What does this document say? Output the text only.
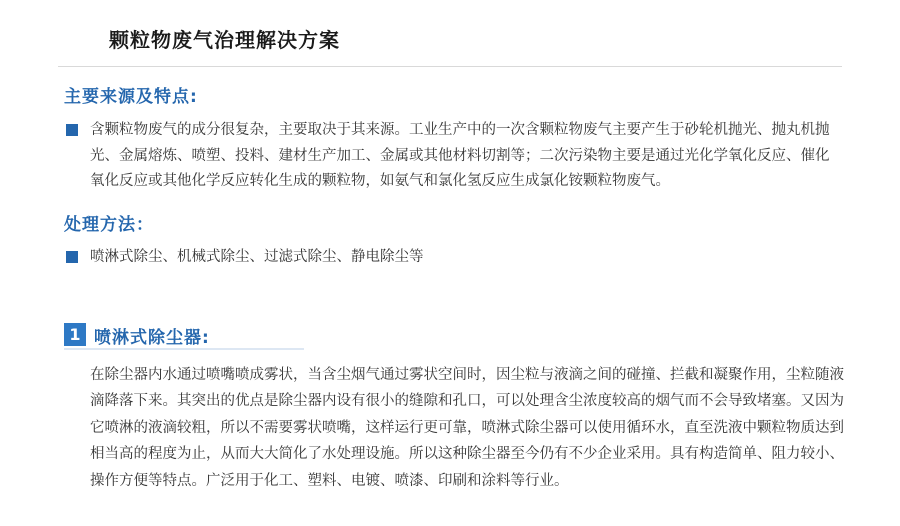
颗粒物废气治理解决方案
主要来源及特点:
含颗粒物废气的成分很复杂，主要取决于其来源。工业生产中的一次含颗粒物废气主要产生于砂轮机抛光、抛丸机抛光、金属熔炼、喷塑、投料、建材生产加工、金属或其他材料切割等；二次污染物主要是通过光化学氧化反应、催化氧化反应或其他化学反应转化生成的颗粒物，如氨气和氯化氢反应生成氯化铵颗粒物废气。
处理方法：
喷淋式除尘、机械式除尘、过滤式除尘、静电除尘等
1 喷淋式除尘器:
在除尘器内水通过喷嘴喷成雾状，当含尘烟气通过雾状空间时，因尘粒与液滴之间的碰撞、拦截和凝聚作用，尘粒随液滴降落下来。其突出的优点是除尘器内设有很小的缝隙和孔口，可以处理含尘浓度较高的烟气而不会导致堵塞。又因为它喷淋的液滴较粗，所以不需要雾状喷嘴，这样运行更可靠，喷淋式除尘器可以使用循环水，直至洗液中颗粒物质达到相当高的程度为止，从而大大简化了水处理设施。所以这种除尘器至今仍有不少企业采用。具有构造简单、阻力较小、操作方便等特点。广泛用于化工、塑料、电镀、喷漆、印刷和涂料等行业。
